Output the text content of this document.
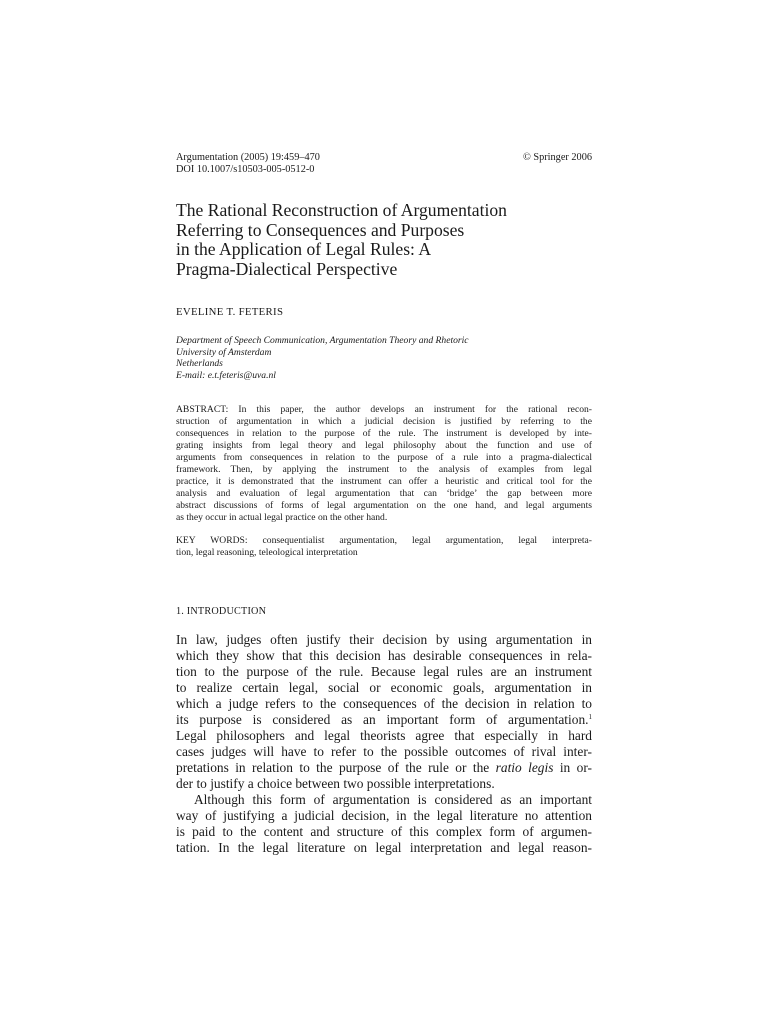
Argumentation (2005) 19:459–470
DOI 10.1007/s10503-005-0512-0
© Springer 2006
The Rational Reconstruction of Argumentation
Referring to Consequences and Purposes
in the Application of Legal Rules: A
Pragma-Dialectical Perspective
EVELINE T. FETERIS
Department of Speech Communication, Argumentation Theory and Rhetoric
University of Amsterdam
Netherlands
E-mail: e.t.feteris@uva.nl
ABSTRACT: In this paper, the author develops an instrument for the rational recon-
struction of argumentation in which a judicial decision is justified by referring to the
consequences in relation to the purpose of the rule. The instrument is developed by inte-
grating insights from legal theory and legal philosophy about the function and use of
arguments from consequences in relation to the purpose of a rule into a pragma-dialectical
framework. Then, by applying the instrument to the analysis of examples from legal
practice, it is demonstrated that the instrument can offer a heuristic and critical tool for the
analysis and evaluation of legal argumentation that can ‘bridge’ the gap between more
abstract discussions of forms of legal argumentation on the one hand, and legal arguments
as they occur in actual legal practice on the other hand.
KEY WORDS: consequentialist argumentation, legal argumentation, legal interpreta-
tion, legal reasoning, teleological interpretation
1. INTRODUCTION
In law, judges often justify their decision by using argumentation in
which they show that this decision has desirable consequences in rela-
tion to the purpose of the rule. Because legal rules are an instrument
to realize certain legal, social or economic goals, argumentation in
which a judge refers to the consequences of the decision in relation to
its purpose is considered as an important form of argumentation.$^1$
Legal philosophers and legal theorists agree that especially in hard
cases judges will have to refer to the possible outcomes of rival inter-
pretations in relation to the purpose of the rule or the ratio legis in or-
der to justify a choice between two possible interpretations.
Although this form of argumentation is considered as an important
way of justifying a judicial decision, in the legal literature no attention
is paid to the content and structure of this complex form of argumen-
tation. In the legal literature on legal interpretation and legal reason-
